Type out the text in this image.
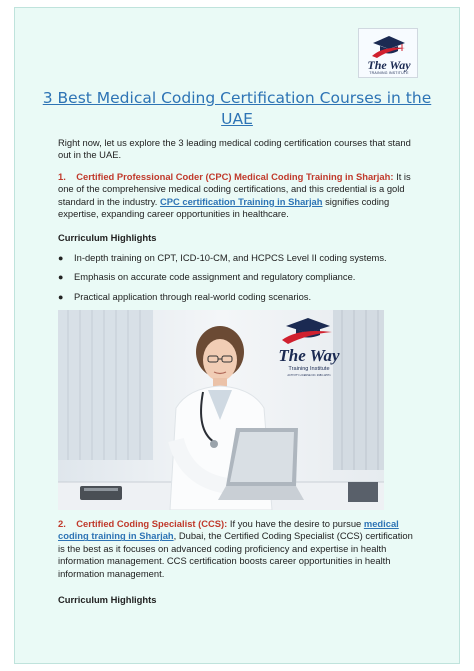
The Way
TRAINING INSTITUTE
3 Best Medical Coding Certification Courses in the UAE

Right now, let us explore the 3 leading medical coding certification courses that stand out in the UAE.

1. Certified Professional Coder (CPC) Medical Coding Training in Sharjah: It is one of the comprehensive medical coding certifications, and this credential is a gold standard in the industry. CPC certification Training in Sharjah signifies coding expertise, expanding career opportunities in healthcare.

Curriculum Highlights
● In-depth training on CPT, ICD-10-CM, and HCPCS Level II coding systems.
● Emphasis on accurate code assignment and regulatory compliance.
● Practical application through real-world coding scenarios.
The Way
Training Institute
ACTIVITY LICENSE NO. 2983-12571

2. Certified Coding Specialist (CCS): If you have the desire to pursue medical coding training in Sharjah, Dubai, the Certified Coding Specialist (CCS) certification is the best as it focuses on advanced coding proficiency and expertise in health information management. CCS certification boosts career opportunities in health information management.

Curriculum Highlights
